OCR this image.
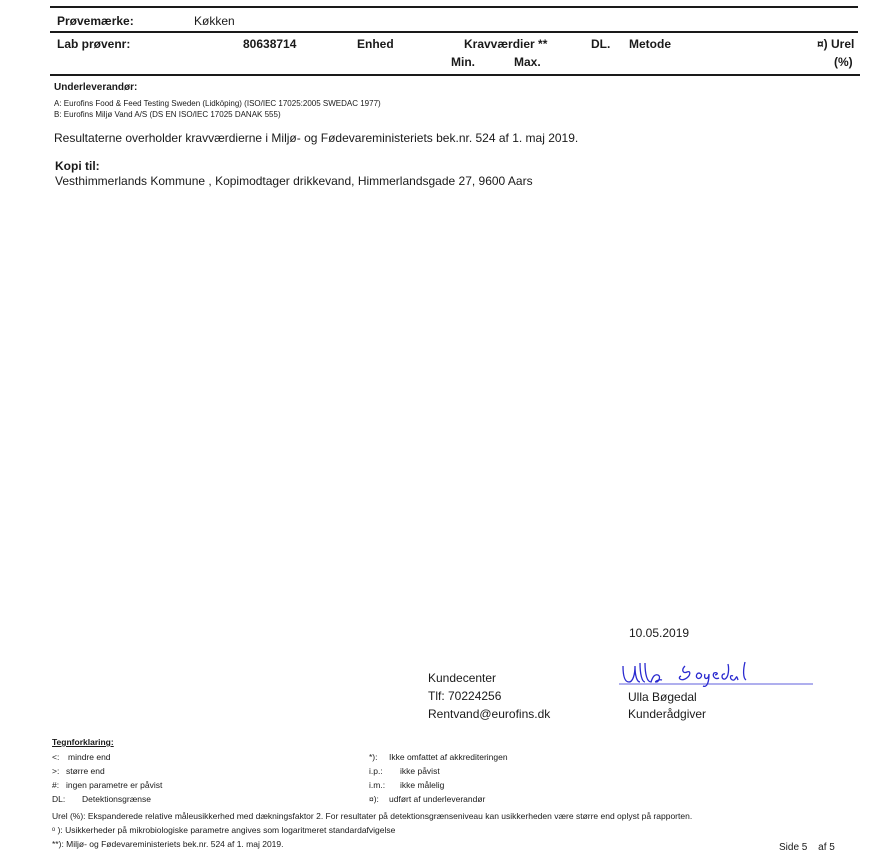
Prøvemærke:	Køkken
Lab prøvenr:	80638714	Enhed	Kravværdier **	DL. Metode	¤) Urel
Min.	Max.	(%)
Underleverandør:
A: Eurofins Food & Feed Testing Sweden (Lidköping) (ISO/IEC 17025:2005 SWEDAC 1977)
B: Eurofins Miljø Vand A/S (DS EN ISO/IEC 17025 DANAK 555)
Resultaterne overholder kravværdierne i Miljø- og Fødevareministeriets bek.nr. 524 af 1. maj 2019.
Kopi til:
Vesthimmerlands Kommune , Kopimodtager drikkevand, Himmerlandsgade 27, 9600 Aars
10.05.2019
Kundecenter
Tlf: 70224256
Rentvand@eurofins.dk
Ulla Bøgedal
Kunderådgiver
Tegnforklaring:
<: mindre end
>: større end
#: ingen parametre er påvist
DL: Detektionsgrænse
*): Ikke omfattet af akkrediteringen
i.p.: ikke påvist
i.m.: ikke målelig
¤): udført af underleverandør
Urel (%): Ekspanderede relative måleusikkerhed med dækningsfaktor 2. For resultater på detektionsgrænseniveau kan usikkerheden være større end oplyst på rapporten.
ᵒ ): Usikkerheder på mikrobiologiske parametre angives som logaritmeret standardafvigelse
**): Miljø- og Fødevareministeriets bek.nr. 524 af 1. maj 2019.	Side 5 af 5
